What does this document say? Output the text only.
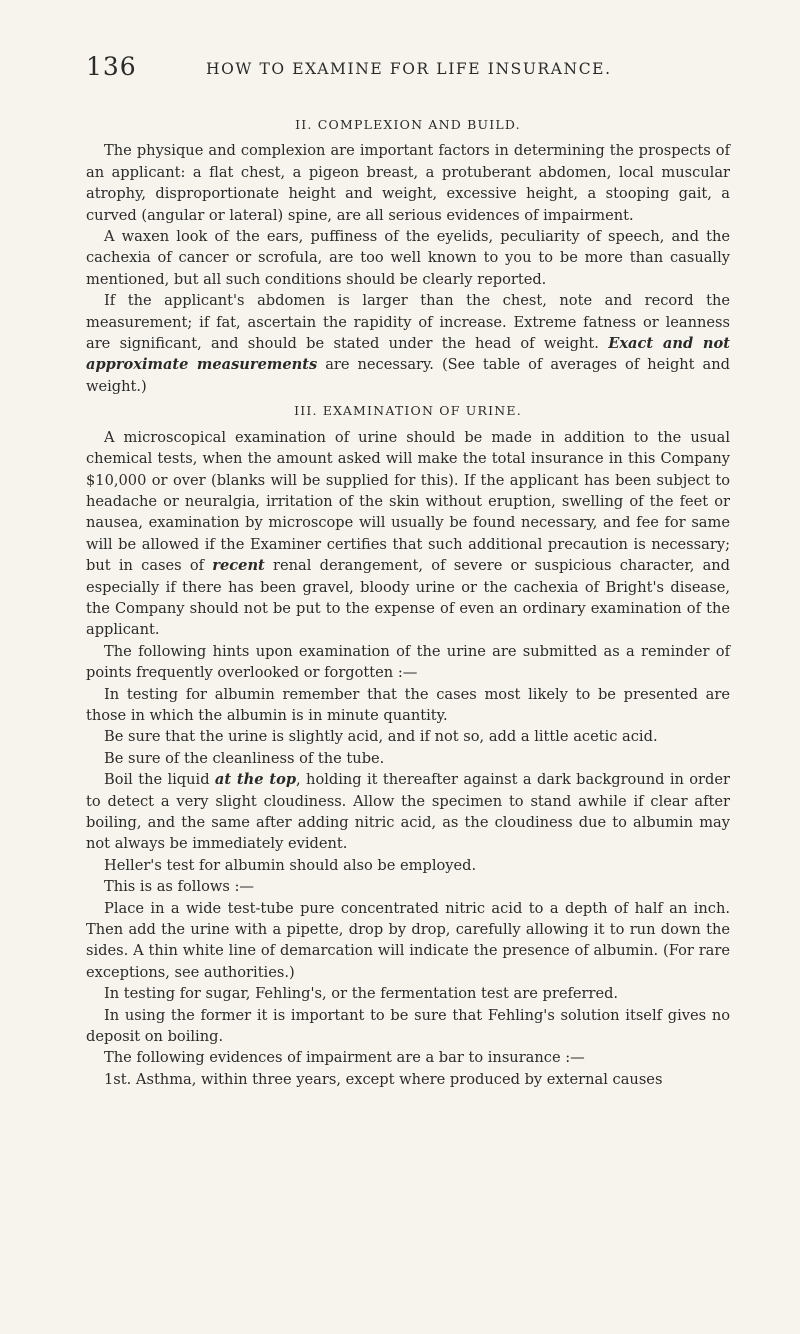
136	HOW TO EXAMINE FOR LIFE INSURANCE.
II. COMPLEXION AND BUILD.

The physique and complexion are important factors in determining the prospects of an applicant: a flat chest, a pigeon breast, a protuberant abdomen, local muscular atrophy, disproportionate height and weight, excessive height, a stooping gait, a curved (angular or lateral) spine, are all serious evidences of impairment.

A waxen look of the ears, puffiness of the eyelids, peculiarity of speech, and the cachexia of cancer or scrofula, are too well known to you to be more than casually mentioned, but all such conditions should be clearly reported.

If the applicant's abdomen is larger than the chest, note and record the measurement; if fat, ascertain the rapidity of increase. Extreme fatness or leanness are significant, and should be stated under the head of weight. Exact and not approximate measurements are necessary. (See table of averages of height and weight.)

III. EXAMINATION OF URINE.

A microscopical examination of urine should be made in addition to the usual chemical tests, when the amount asked will make the total insurance in this Company $10,000 or over (blanks will be supplied for this). If the applicant has been subject to headache or neuralgia, irritation of the skin without eruption, swelling of the feet or nausea, examination by microscope will usually be found necessary, and fee for same will be allowed if the Examiner certifies that such additional precaution is necessary; but in cases of recent renal derangement, of severe or suspicious character, and especially if there has been gravel, bloody urine or the cachexia of Bright's disease, the Company should not be put to the expense of even an ordinary examination of the applicant.

The following hints upon examination of the urine are submitted as a reminder of points frequently overlooked or forgotten :—

In testing for albumin remember that the cases most likely to be presented are those in which the albumin is in minute quantity.

Be sure that the urine is slightly acid, and if not so, add a little acetic acid.

Be sure of the cleanliness of the tube.

Boil the liquid at the top, holding it thereafter against a dark background in order to detect a very slight cloudiness. Allow the specimen to stand awhile if clear after boiling, and the same after adding nitric acid, as the cloudiness due to albumin may not always be immediately evident.

Heller's test for albumin should also be employed.

This is as follows :—

Place in a wide test-tube pure concentrated nitric acid to a depth of half an inch. Then add the urine with a pipette, drop by drop, carefully allowing it to run down the sides. A thin white line of demarcation will indicate the presence of albumin. (For rare exceptions, see authorities.)

In testing for sugar, Fehling's, or the fermentation test are preferred.

In using the former it is important to be sure that Fehling's solution itself gives no deposit on boiling.

The following evidences of impairment are a bar to insurance :—

1st. Asthma, within three years, except where produced by external causes
